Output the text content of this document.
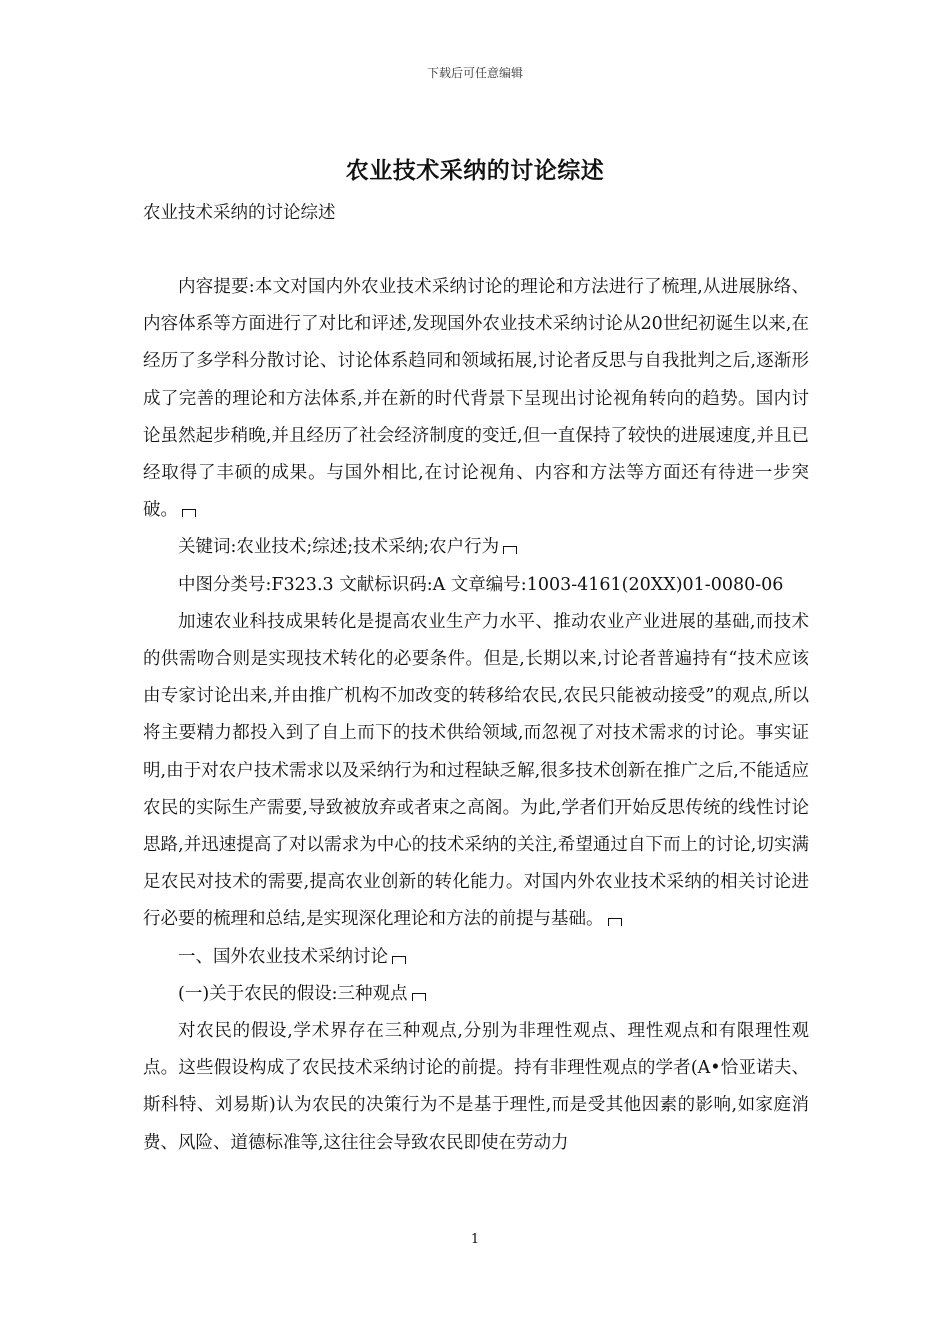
下载后可任意编辑
农业技术采纳的讨论综述
农业技术采纳的讨论综述

内容提要:本文对国内外农业技术采纳讨论的理论和方法进行了梳理,从进展脉络、内容体系等方面进行了对比和评述,发现国外农业技术采纳讨论从20世纪初诞生以来,在经历了多学科分散讨论、讨论体系趋同和领域拓展,讨论者反思与自我批判之后,逐渐形成了完善的理论和方法体系,并在新的时代背景下呈现出讨论视角转向的趋势。国内讨论虽然起步稍晚,并且经历了社会经济制度的变迁,但一直保持了较快的进展速度,并且已经取得了丰硕的成果。与国外相比,在讨论视角、内容和方法等方面还有待进一步突破。

关键词:农业技术;综述;技术采纳;农户行为

中图分类号:F323.3 文献标识码:A 文章编号:1003-4161(20XX)01-0080-06

加速农业科技成果转化是提高农业生产力水平、推动农业产业进展的基础,而技术的供需吻合则是实现技术转化的必要条件。但是,长期以来,讨论者普遍持有“技术应该由专家讨论出来,并由推广机构不加改变的转移给农民,农民只能被动接受”的观点,所以将主要精力都投入到了自上而下的技术供给领域,而忽视了对技术需求的讨论。事实证明,由于对农户技术需求以及采纳行为和过程缺乏解,很多技术创新在推广之后,不能适应农民的实际生产需要,导致被放弃或者束之高阁。为此,学者们开始反思传统的线性讨论思路,并迅速提高了对以需求为中心的技术采纳的关注,希望通过自下而上的讨论,切实满足农民对技术的需要,提高农业创新的转化能力。对国内外农业技术采纳的相关讨论进行必要的梳理和总结,是实现深化理论和方法的前提与基础。

一、国外农业技术采纳讨论

(一)关于农民的假设:三种观点

对农民的假设,学术界存在三种观点,分别为非理性观点、理性观点和有限理性观点。这些假设构成了农民技术采纳讨论的前提。持有非理性观点的学者(A•恰亚诺夫、斯科特、刘易斯)认为农民的决策行为不是基于理性,而是受其他因素的影响,如家庭消费、风险、道德标准等,这往往会导致农民即使在劳动力

1
